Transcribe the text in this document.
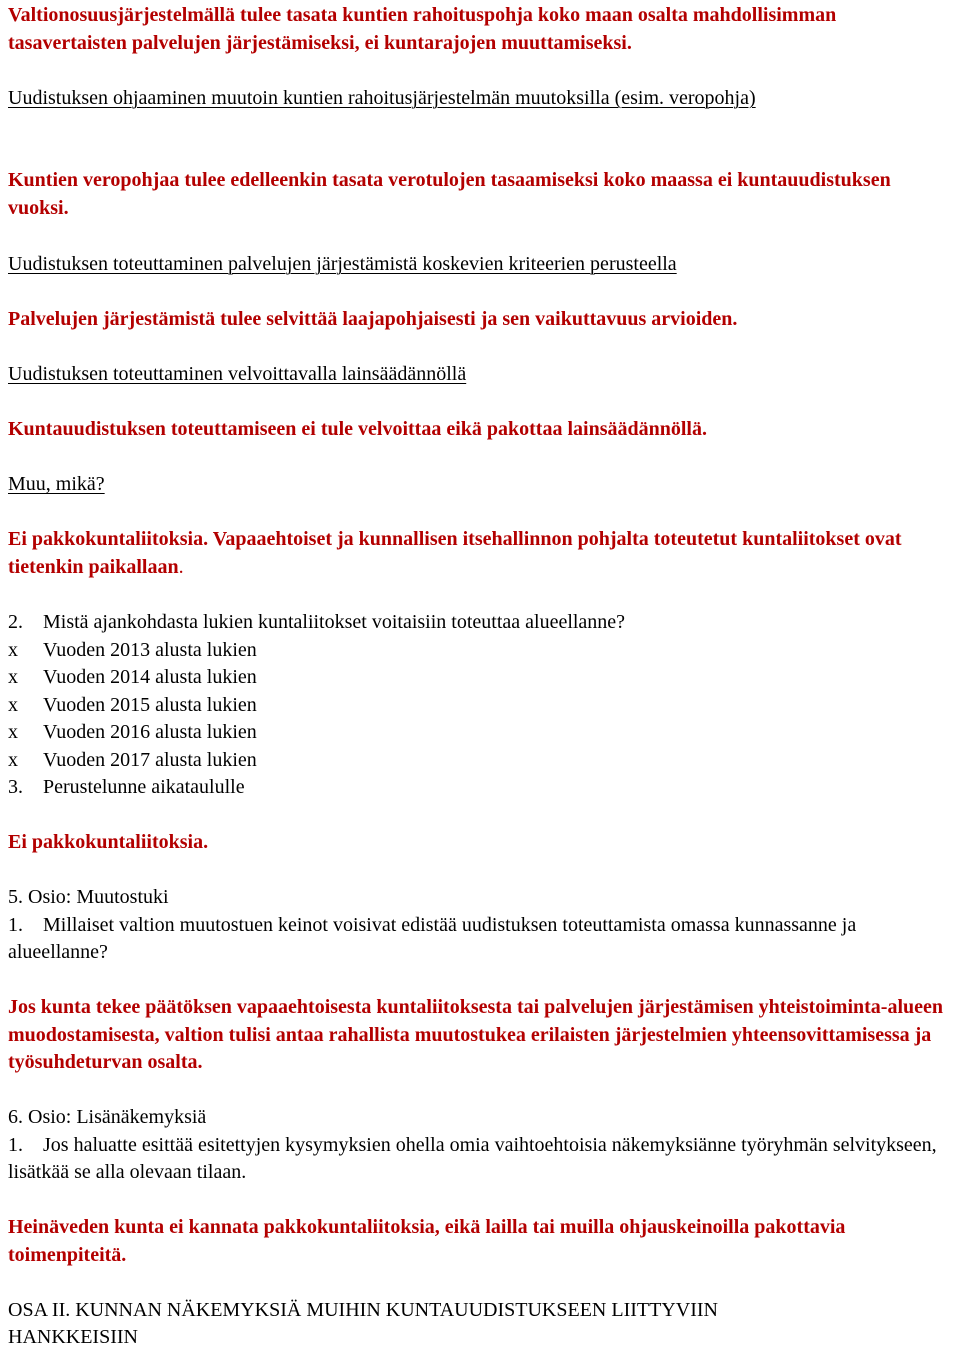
Valtionosuusjärjestelmällä tulee tasata kuntien rahoituspohja koko maan osalta mahdollisimman tasavertaisten palvelujen järjestämiseksi, ei kuntarajojen muuttamiseksi.

Uudistuksen ohjaaminen muutoin kuntien rahoitusjärjestelmän muutoksilla (esim. veropohja)

Kuntien veropohjaa tulee edelleenkin tasata verotulojen tasaamiseksi koko maassa ei kuntauudistuksen vuoksi.

Uudistuksen toteuttaminen palvelujen järjestämistä koskevien kriteerien perusteella

Palvelujen järjestämistä tulee selvittää laajapohjaisesti ja sen vaikuttavuus arvioiden.

Uudistuksen toteuttaminen velvoittavalla lainsäädännöllä

Kuntauudistuksen toteuttamiseen ei tule velvoittaa eikä pakottaa lainsäädännöllä.

Muu, mikä?

Ei pakkokuntaliitoksia. Vapaaehtoiset ja kunnallisen itsehallinnon pohjalta toteutetut kuntaliitokset ovat tietenkin paikallaan.

2. Mistä ajankohdasta lukien kuntaliitokset voitaisiin toteuttaa alueellanne?
x Vuoden 2013 alusta lukien
x Vuoden 2014 alusta lukien
x Vuoden 2015 alusta lukien
x Vuoden 2016 alusta lukien
x Vuoden 2017 alusta lukien
3. Perustelunne aikataululle

Ei pakkokuntaliitoksia.

5. Osio: Muutostuki

1. Millaiset valtion muutostuen keinot voisivat edistää uudistuksen toteuttamista omassa kunnassanne ja alueellanne?

Jos kunta tekee päätöksen vapaaehtoisesta kuntaliitoksesta tai palvelujen järjestämisen yhteistoiminta-alueen muodostamisesta, valtion tulisi antaa rahallista muutostukea erilaisten järjestelmien yhteensovittamisessa ja työsuhdeturvan osalta.

6. Osio: Lisänäkemyksiä

1. Jos haluatte esittää esitettyjen kysymyksien ohella omia vaihtoehtoisia näkemyksiänne työryhmän selvitykseen, lisätkää se alla olevaan tilaan.

Heinäveden kunta ei kannata pakkokuntaliitoksia, eikä laillа tai muilla ohjauskeinoilla pakottavia toimenpiteitä.

OSA II. KUNNAN NÄKEMYKSIÄ MUIHIN KUNTAUUDISTUKSEEN LIITTYVIIN HANKKEISIIN
